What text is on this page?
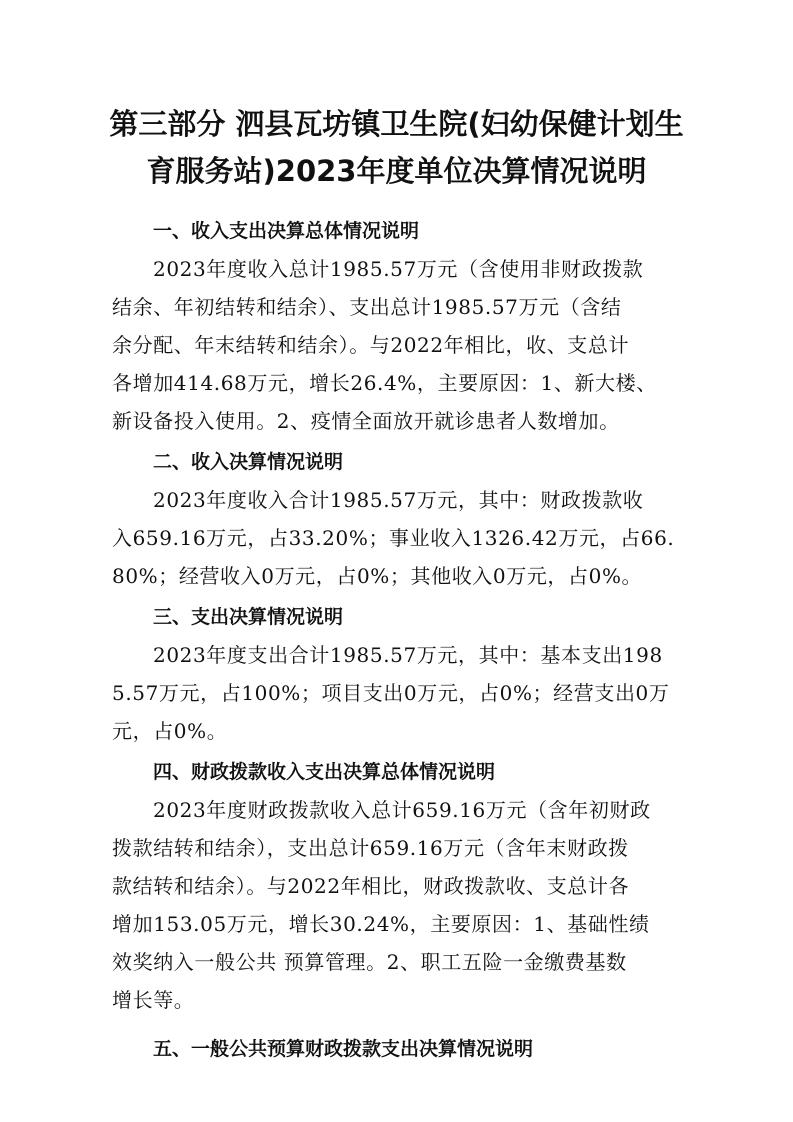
第三部分 泗县瓦坊镇卫生院(妇幼保健计划生
育服务站)2023年度单位决算情况说明
一、收入支出决算总体情况说明
2023年度收入总计1985.57万元（含使用非财政拨款
结余、年初结转和结余）、支出总计1985.57万元（含结
余分配、年末结转和结余）。与2022年相比，收、支总计
各增加414.68万元，增长26.4%，主要原因：1、新大楼、
新设备投入使用。2、疫情全面放开就诊患者人数增加。
二、收入决算情况说明
2023年度收入合计1985.57万元，其中：财政拨款收
入659.16万元，占33.20%；事业收入1326.42万元，占66.
80%；经营收入0万元，占0%；其他收入0万元，占0%。
三、支出决算情况说明
2023年度支出合计1985.57万元，其中：基本支出198
5.57万元，占100%；项目支出0万元，占0%；经营支出0万
元，占0%。
四、财政拨款收入支出决算总体情况说明
2023年度财政拨款收入总计659.16万元（含年初财政
拨款结转和结余），支出总计659.16万元（含年末财政拨
款结转和结余）。与2022年相比，财政拨款收、支总计各
增加153.05万元，增长30.24%，主要原因：1、基础性绩
效奖纳入一般公共 预算管理。2、职工五险一金缴费基数
增长等。
五、一般公共预算财政拨款支出决算情况说明
